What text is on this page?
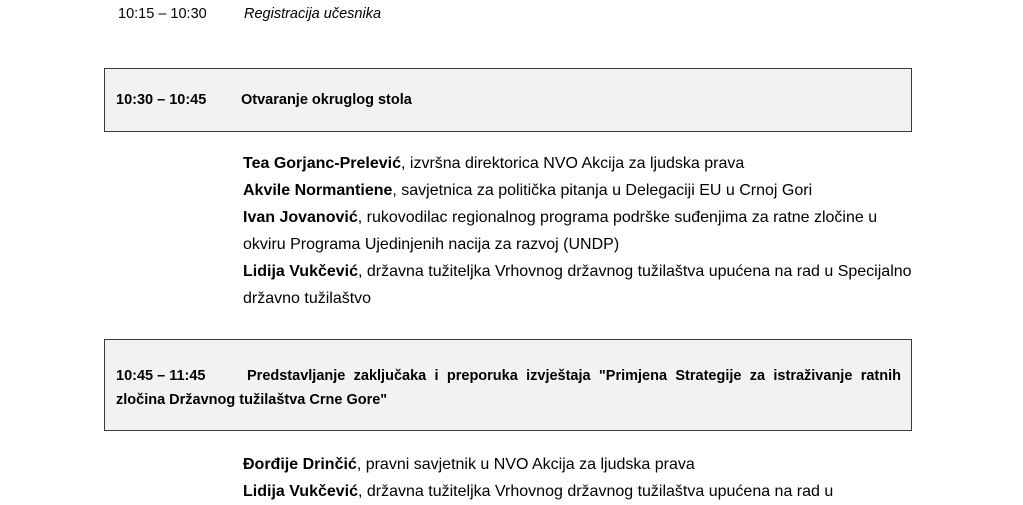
10:15 – 10:30	Registracija učesnika
10:30 – 10:45 Otvaranje okruglog stola
Tea Gorjanc-Prelević, izvršna direktorica NVO Akcija za ljudska prava
Akvile Normantiene, savjetnica za politička pitanja u Delegaciji EU u Crnoj Gori
Ivan Jovanović, rukovodilac regionalnog programa podrške suđenjima za ratne zločine u okviru Programa Ujedinjenih nacija za razvoj (UNDP)
Lidija Vukčević, državna tužiteljka Vrhovnog državnog tužilaštva upućena na rad u Specijalno državno tužilaštvo
10:45 – 11:45	Predstavljanje zaključaka i preporuka izvještaja "Primjena Strategije za istraživanje ratnih zločina Državnog tužilaštva Crne Gore"
Đorđije Drinčić, pravni savjetnik u NVO Akcija za ljudska prava
Lidija Vukčević, državna tužiteljka Vrhovnog državnog tužilaštva upućena na rad u
